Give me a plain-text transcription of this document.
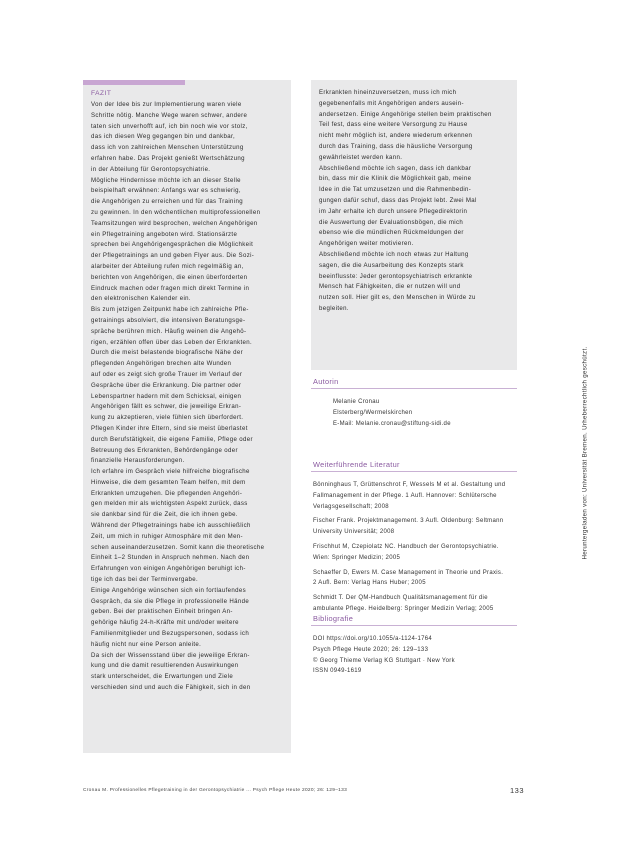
FAZIT
Von der Idee bis zur Implementierung waren viele
Schritte nötig. Manche Wege waren schwer, andere
taten sich unverhofft auf, ich bin noch wie vor stolz,
das ich diesen Weg gegangen bin und dankbar,
dass ich von zahlreichen Menschen Unterstützung
erfahren habe. Das Projekt genießt Wertschätzung
in der Abteilung für Gerontopsychiatrie.
Mögliche Hindernisse möchte ich an dieser Stelle
beispielhaft erwähnen: Anfangs war es schwierig,
die Angehörigen zu erreichen und für das Training
zu gewinnen. In den wöchentlichen multiprofessionellen
Teamsitzungen wird besprochen, welchen Angehörigen
ein Pflegetraining angeboten wird. Stationsärzte
sprechen bei Angehörigengesprächen die Möglichkeit
der Pflegetrainings an und geben Flyer aus. Die Sozi-
alarbeiter der Abteilung rufen mich regelmäßig an,
berichten von Angehörigen, die einen überforderten
Eindruck machen oder fragen mich direkt Termine in
den elektronischen Kalender ein.
Bis zum jetzigen Zeitpunkt habe ich zahlreiche Pfle-
getrainings absolviert, die intensiven Beratungsge-
spräche berühren mich. Häufig weinen die Angehö-
rigen, erzählen offen über das Leben der Erkrankten.
Durch die meist belastende biografische Nähe der
pflegenden Angehörigen brechen alte Wunden
auf oder es zeigt sich große Trauer im Verlauf der
Gespräche über die Erkrankung. Die partner oder
Lebenspartner hadern mit dem Schicksal, einigen
Angehörigen fällt es schwer, die jeweilige Erkran-
kung zu akzeptieren, viele fühlen sich überfordert.
Pflegen Kinder ihre Eltern, sind sie meist überlastet
durch Berufstätigkeit, die eigene Familie, Pflege oder
Betreuung des Erkrankten, Behördengänge oder
finanzielle Herausforderungen.
Ich erfahre im Gespräch viele hilfreiche biografische
Hinweise, die dem gesamten Team helfen, mit dem
Erkrankten umzugehen. Die pflegenden Angehöri-
gen melden mir als wichtigsten Aspekt zurück, dass
sie dankbar sind für die Zeit, die ich ihnen gebe.
Während der Pflegetrainings habe ich ausschließlich
Zeit, um mich in ruhiger Atmosphäre mit den Men-
schen auseinanderzusetzen. Somit kann die theoretische
Einheit 1–2 Stunden in Anspruch nehmen. Nach den
Erfahrungen von einigen Angehörigen beruhigt ich-
tige ich das bei der Terminvergabe.
Einige Angehörige wünschen sich ein fortlaufendes
Gespräch, da sie die Pflege in professionelle Hände
geben. Bei der praktischen Einheit bringen An-
gehörige häufig 24-h-Kräfte mit und/oder weitere
Familienmitglieder und Bezugspersonen, sodass ich
häufig nicht nur eine Person anleite.
Da sich der Wissensstand über die jeweilige Erkran-
kung und die damit resultierenden Auswirkungen
stark unterscheidet, die Erwartungen und Ziele
verschieden sind und auch die Fähigkeit, sich in den
Erkrankten hineinzuversetzen, muss ich mich
gegebenenfalls mit Angehörigen anders ausein-
andersetzen. Einige Angehörige stellen beim praktischen
Teil fest, dass eine weitere Versorgung zu Hause
nicht mehr möglich ist, andere wiederum erkennen
durch das Training, dass die häusliche Versorgung
gewährleistet werden kann.
Abschließend möchte ich sagen, dass ich dankbar
bin, dass mir die Klinik die Möglichkeit gab, meine
Idee in die Tat umzusetzen und die Rahmenbedin-
gungen dafür schuf, dass das Projekt lebt. Zwei Mal
im Jahr erhalte ich durch unsere Pflegedirektorin
die Auswertung der Evaluationsbögen, die mich
ebenso wie die mündlichen Rückmeldungen der
Angehörigen weiter motivieren.
Abschließend möchte ich noch etwas zur Haltung
sagen, die die Ausarbeitung des Konzepts stark
beeinflusste: Jeder gerontopsychiatrisch erkrankte
Mensch hat Fähigkeiten, die er nutzen will und
nutzen soll. Hier gilt es, den Menschen in Würde zu
begleiten.
Autorin
Melanie Cronau
Elsterberg/Wermelskirchen
E-Mail: Melanie.cronau@stiftung-sidi.de
Weiterführende Literatur
Bönninghaus T, Grüttenschrot F, Wessels M et al. Gestaltung und
Fallmanagement in der Pflege. 1 Aufl. Hannover: Schlütersche
Verlagsgesellschaft; 2008
Fischer Frank. Projektmanagement. 3 Aufl. Oldenburg: Seltmann
University Universität; 2008
Frischhut M, Czepiolatz NC. Handbuch der Gerontopsychiatrie.
Wien: Springer Medizin; 2005
Schaeffer D, Ewers M. Case Management in Theorie und Praxis.
2 Aufl. Bern: Verlag Hans Huber; 2005
Schmidt T. Der QM-Handbuch Qualitätsmanagement für die
ambulante Pflege. Heidelberg: Springer Medizin Verlag; 2005
Bibliografie
DOI https://doi.org/10.1055/a-1124-1764
Psych Pflege Heute 2020; 26: 129–133
© Georg Thieme Verlag KG Stuttgart · New York
ISSN 0949-1619
Cronau M. Professionelles Pflegetraining in der Gerontopsychiatrie ... Psych Pflege Heute 2020; 26: 129–133	133
Heruntergeladen von: Universität Bremen. Urheberrechtlich geschützt.
